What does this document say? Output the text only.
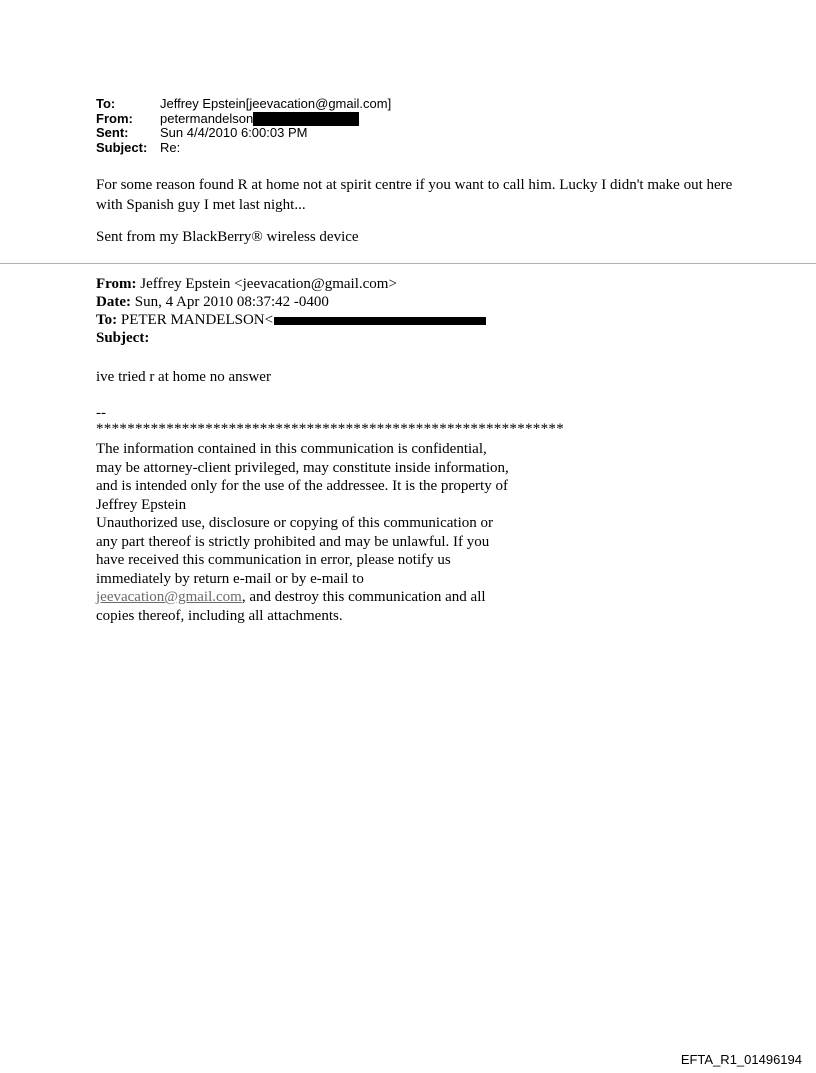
To:	Jeffrey Epstein[jeevacation@gmail.com]
From:	petermandelson
Sent:	Sun 4/4/2010 6:00:03 PM
Subject: Re:
For some reason found R at home not at spirit centre if you want to call him. Lucky I didn't make out here with Spanish guy I met last night...
Sent from my BlackBerry® wireless device
From: Jeffrey Epstein <jeevacation@gmail.com>
Date: Sun, 4 Apr 2010 08:37:42 -0400
To: PETER MANDELSON<
Subject:
ive tried r at home no answer
--
************************************************************
The information contained in this communication is confidential, may be attorney-client privileged, may constitute inside information, and is intended only for the use of the addressee. It is the property of
Jeffrey Epstein
Unauthorized use, disclosure or copying of this communication or any part thereof is strictly prohibited and may be unlawful. If you have received this communication in error, please notify us immediately by return e-mail or by e-mail to jeevacation@gmail.com, and destroy this communication and all copies thereof, including all attachments.
EFTA_R1_01496194
